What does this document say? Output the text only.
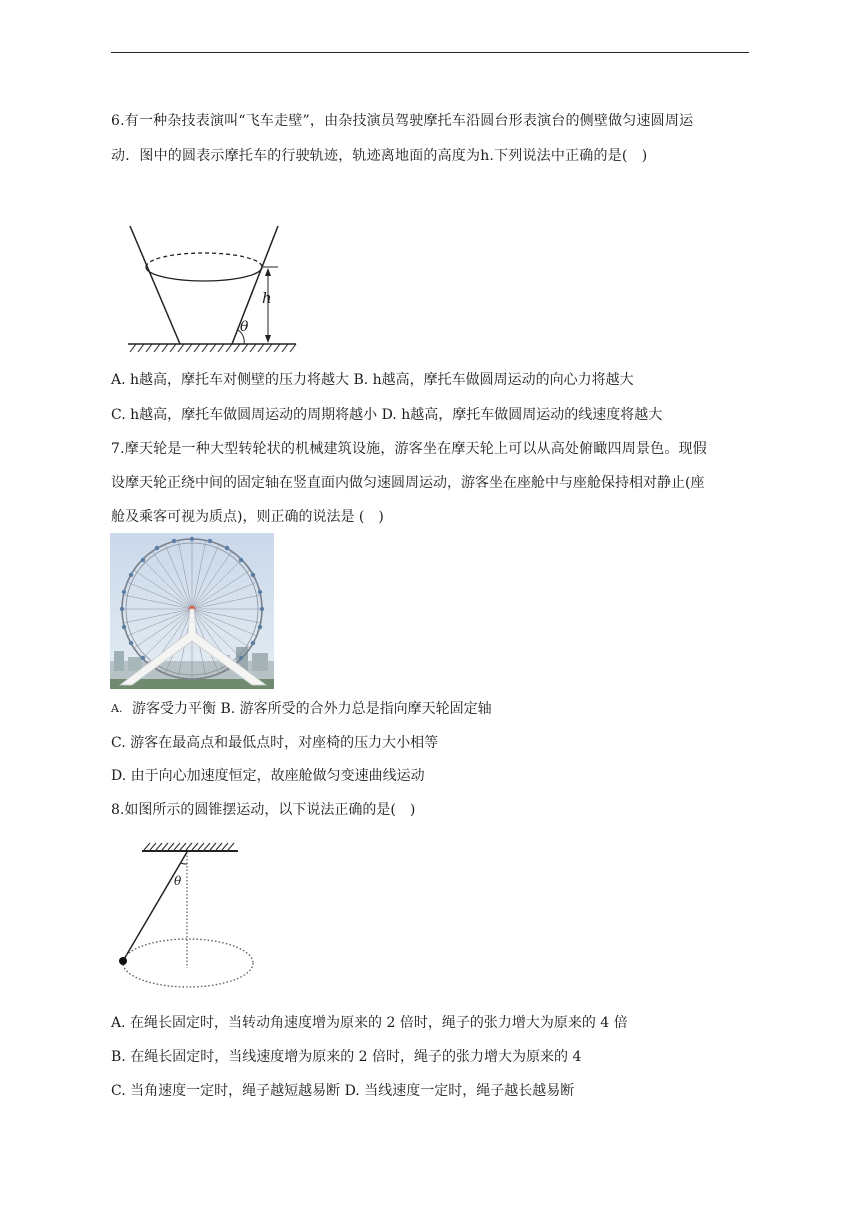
6.有一种杂技表演叫“飞车走壁”，由杂技演员驾驶摩托车沿圆台形表演台的侧壁做匀速圆周运
动．图中的圆表示摩托车的行驶轨迹，轨迹离地面的高度为h.下列说法中正确的是(　)
h
θ
A. h越高，摩托车对侧壁的压力将越大 B. h越高，摩托车做圆周运动的向心力将越大
C. h越高，摩托车做圆周运动的周期将越小 D. h越高，摩托车做圆周运动的线速度将越大
7.摩天轮是一种大型转轮状的机械建筑设施，游客坐在摩天轮上可以从高处俯瞰四周景色。现假
设摩天轮正绕中间的固定轴在竖直面内做匀速圆周运动，游客坐在座舱中与座舱保持相对静止(座
舱及乘客可视为质点)，则正确的说法是 (　)
A. 游客受力平衡 B. 游客所受的合外力总是指向摩天轮固定轴
C. 游客在最高点和最低点时，对座椅的压力大小相等
D. 由于向心加速度恒定，故座舱做匀变速曲线运动
8.如图所示的圆锥摆运动，以下说法正确的是(　)
θ
A. 在绳长固定时，当转动角速度增为原来的 2 倍时，绳子的张力增大为原来的 4 倍
B. 在绳长固定时，当线速度增为原来的 2 倍时，绳子的张力增大为原来的 4
C. 当角速度一定时，绳子越短越易断 D. 当线速度一定时，绳子越长越易断
